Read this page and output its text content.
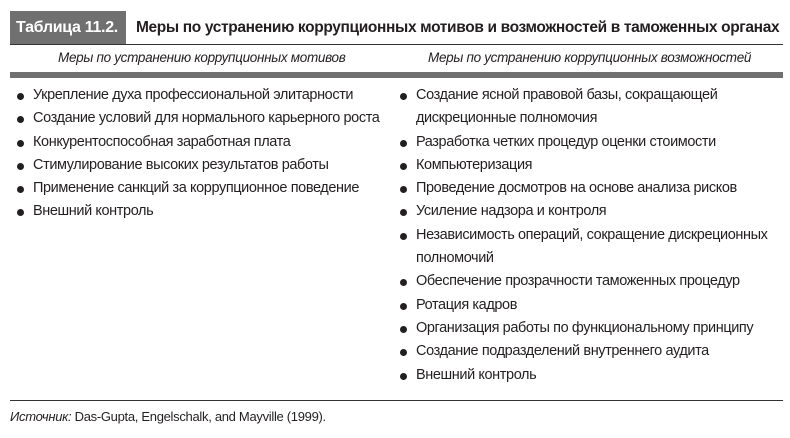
Таблица 11.2.	Меры по устранению коррупционных мотивов и возможностей в таможенных органах
Меры по устранению коррупционных мотивов	Меры по устранению коррупционных возможностей
Укрепление духа профессиональной элитарности
Создание условий для нормального карьерного роста
Конкурентоспособная заработная плата
Стимулирование высоких результатов работы
Применение санкций за коррупционное поведение
Внешний контроль
Создание ясной правовой базы, сокращающей дискреционные полномочия
Разработка четких процедур оценки стоимости
Компьютеризация
Проведение досмотров на основе анализа рисков
Усиление надзора и контроля
Независимость операций, сокращение дискреционных полномочий
Обеспечение прозрачности таможенных процедур
Ротация кадров
Организация работы по функциональному принципу
Создание подразделений внутреннего аудита
Внешний контроль
Источник: Das-Gupta, Engelschalk, and Mayville (1999).
